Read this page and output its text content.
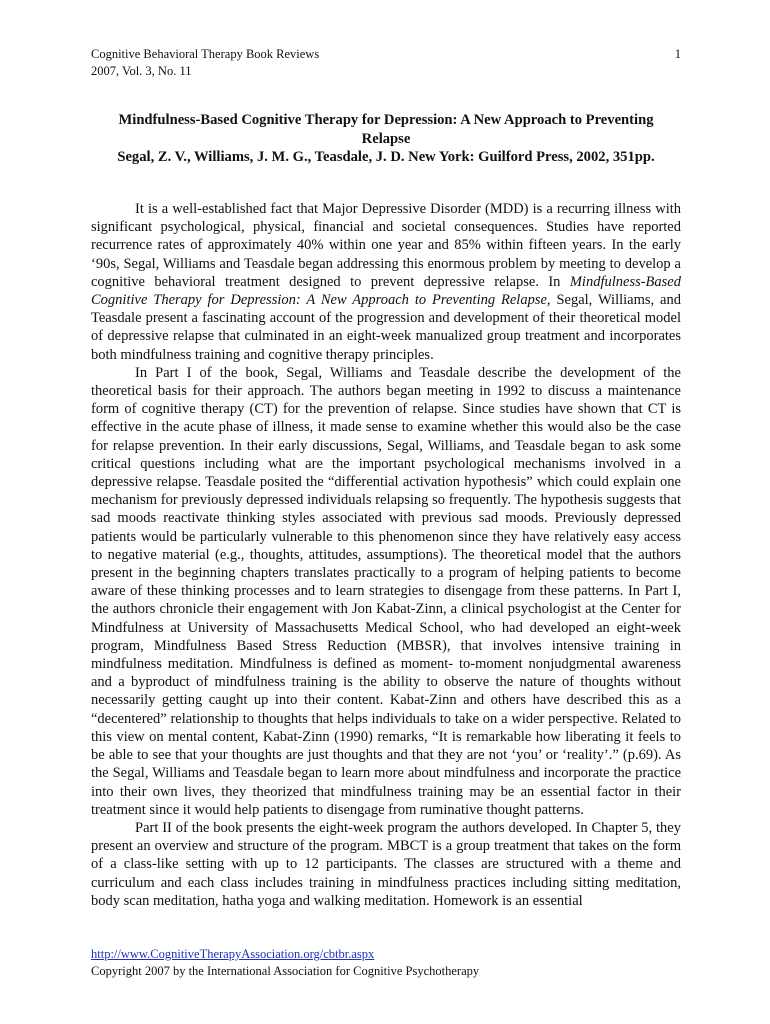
Cognitive Behavioral Therapy Book Reviews
2007, Vol. 3, No. 11
1
Mindfulness-Based Cognitive Therapy for Depression: A New Approach to Preventing
Relapse
Segal, Z. V., Williams, J. M. G., Teasdale, J. D. New York: Guilford Press, 2002, 351pp.

It is a well-established fact that Major Depressive Disorder (MDD) is a recurring illness with significant psychological, physical, financial and societal consequences. Studies have reported recurrence rates of approximately 40% within one year and 85% within fifteen years. In the early ‘90s, Segal, Williams and Teasdale began addressing this enormous problem by meeting to develop a cognitive behavioral treatment designed to prevent depressive relapse. In Mindfulness-Based Cognitive Therapy for Depression: A New Approach to Preventing Relapse, Segal, Williams, and Teasdale present a fascinating account of the progression and development of their theoretical model of depressive relapse that culminated in an eight-week manualized group treatment and incorporates both mindfulness training and cognitive therapy principles.

In Part I of the book, Segal, Williams and Teasdale describe the development of the theoretical basis for their approach. The authors began meeting in 1992 to discuss a maintenance form of cognitive therapy (CT) for the prevention of relapse. Since studies have shown that CT is effective in the acute phase of illness, it made sense to examine whether this would also be the case for relapse prevention. In their early discussions, Segal, Williams, and Teasdale began to ask some critical questions including what are the important psychological mechanisms involved in a depressive relapse. Teasdale posited the “differential activation hypothesis” which could explain one mechanism for previously depressed individuals relapsing so frequently. The hypothesis suggests that sad moods reactivate thinking styles associated with previous sad moods. Previously depressed patients would be particularly vulnerable to this phenomenon since they have relatively easy access to negative material (e.g., thoughts, attitudes, assumptions). The theoretical model that the authors present in the beginning chapters translates practically to a program of helping patients to become aware of these thinking processes and to learn strategies to disengage from these patterns. In Part I, the authors chronicle their engagement with Jon Kabat-Zinn, a clinical psychologist at the Center for Mindfulness at University of Massachusetts Medical School, who had developed an eight-week program, Mindfulness Based Stress Reduction (MBSR), that involves intensive training in mindfulness meditation. Mindfulness is defined as moment- to-moment nonjudgmental awareness and a byproduct of mindfulness training is the ability to observe the nature of thoughts without necessarily getting caught up into their content. Kabat-Zinn and others have described this as a “decentered” relationship to thoughts that helps individuals to take on a wider perspective. Related to this view on mental content, Kabat-Zinn (1990) remarks, “It is remarkable how liberating it feels to be able to see that your thoughts are just thoughts and that they are not ‘you’ or ‘reality’.” (p.69). As the Segal, Williams and Teasdale began to learn more about mindfulness and incorporate the practice into their own lives, they theorized that mindfulness training may be an essential factor in their treatment since it would help patients to disengage from ruminative thought patterns.

Part II of the book presents the eight-week program the authors developed. In Chapter 5, they present an overview and structure of the program. MBCT is a group treatment that takes on the form of a class-like setting with up to 12 participants. The classes are structured with a theme and curriculum and each class includes training in mindfulness practices including sitting meditation, body scan meditation, hatha yoga and walking meditation. Homework is an essential

http://www.CognitiveTherapyAssociation.org/cbtbr.aspx
Copyright 2007 by the International Association for Cognitive Psychotherapy
